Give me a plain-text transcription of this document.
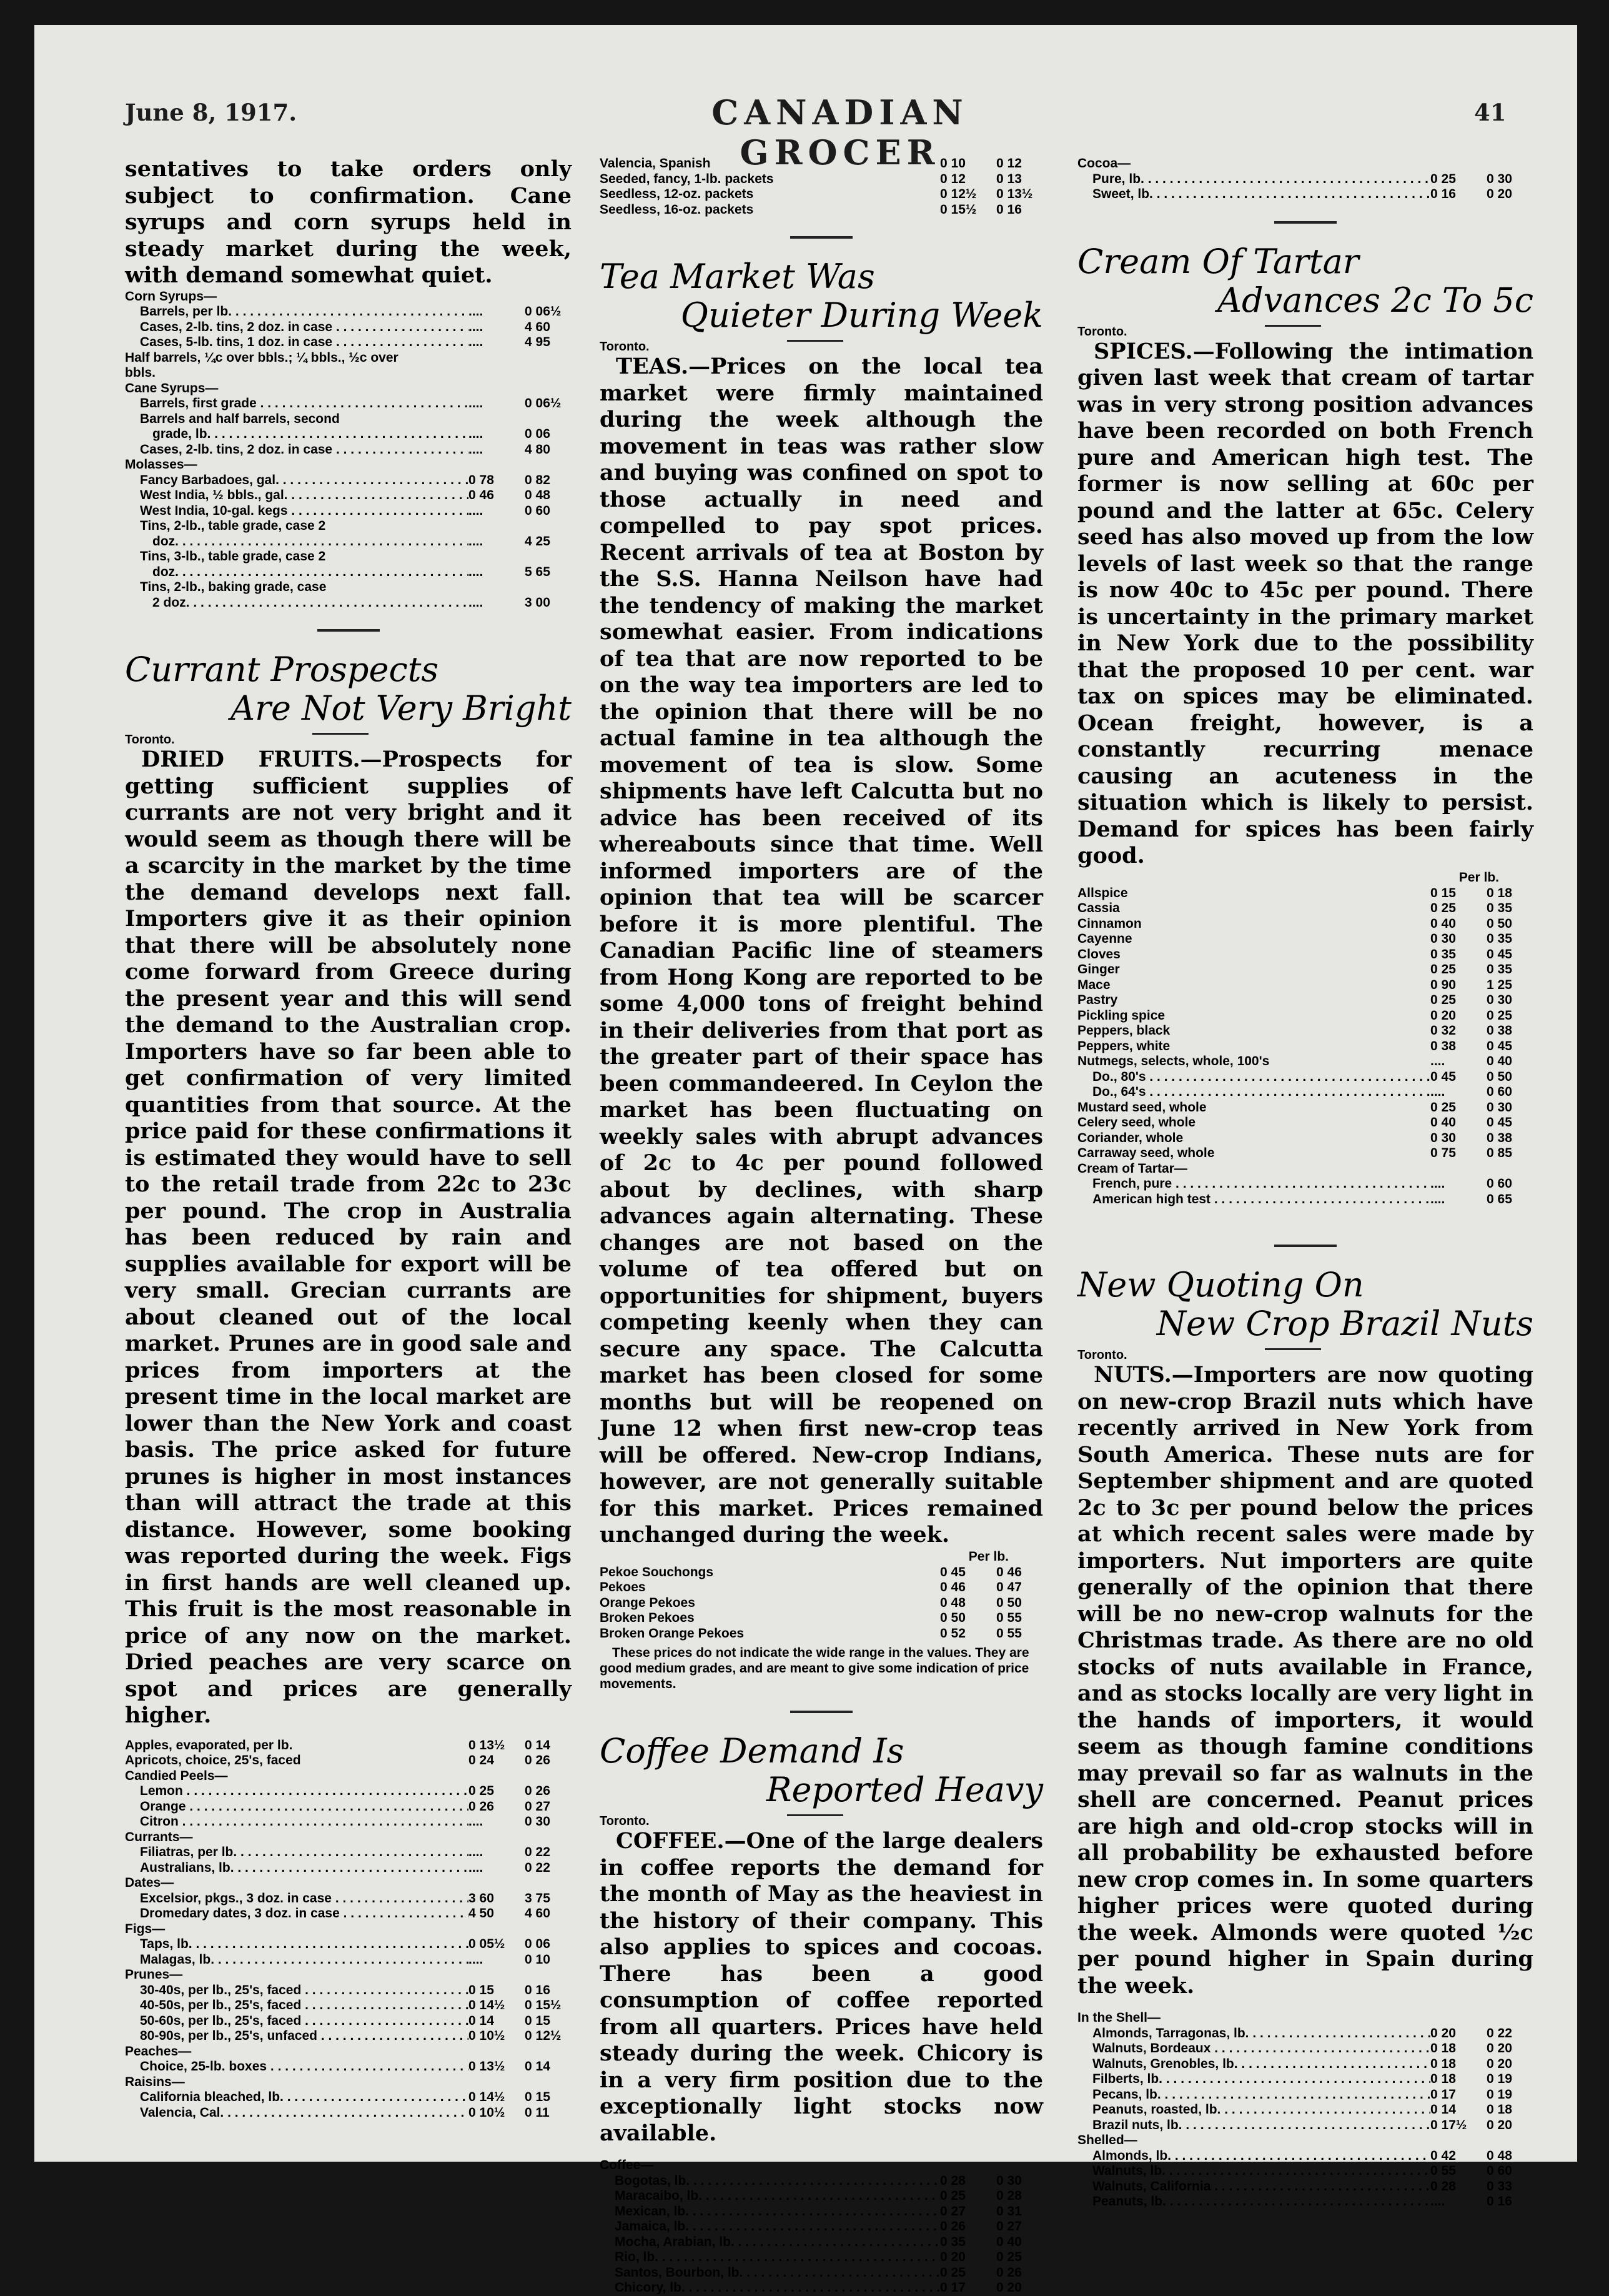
June 8, 1917.	CANADIAN GROCER
41

sentatives to take orders only subject to confirmation. Cane syrups and corn syrups held in steady market during the week, with demand somewhat quiet.

Corn Syrups—
Barrels, per lb. . . .	....	0 06½
Cases, 2-lb. tins, 2 doz. in case . . .	....	4 60
Cases, 5-lb. tins, 1 doz. in case . . .	....	4 95
Half barrels, ¼c over bbls.; ¼ bbls., ½c over
bbls.
Cane Syrups—
Barrels, first grade . . .	....	0 06½
Barrels and half barrels, second
grade, lb. . . .	....	0 06
Cases, 2-lb. tins, 2 doz. in case . . .	....	4 80
Molasses—
Fancy Barbadoes, gal. . . .	0 78	0 82
West India, ½ bbls., gal. . . .	0 46	0 48
West India, 10-gal. kegs . . .	....	0 60
Tins, 2-lb., table grade, case 2
doz. . . .	....	4 25
Tins, 3-lb., table grade, case 2
doz. . . .	....	5 65
Tins, 2-lb., baking grade, case
2 doz. . . .	....	3 00
Currant Prospects
Are Not Very Bright
Toronto.

DRIED FRUITS.—Prospects for getting sufficient supplies of currants are not very bright and it would seem as though there will be a scarcity in the market by the time the demand develops next fall. Importers give it as their opinion that there will be absolutely none come forward from Greece during the present year and this will send the demand to the Australian crop. Importers have so far been able to get confirmation of very limited quantities from that source. At the price paid for these confirmations it is estimated they would have to sell to the retail trade from 22c to 23c per pound. The crop in Australia has been reduced by rain and supplies available for export will be very small. Grecian currants are about cleaned out of the local market. Prunes are in good sale and prices from importers at the present time in the local market are lower than the New York and coast basis. The price asked for future prunes is higher in most instances than will attract the trade at this distance. However, some booking was reported during the week. Figs in first hands are well cleaned up. This fruit is the most reasonable in price of any now on the market. Dried peaches are very scarce on spot and prices are generally higher.

Apples, evaporated, per lb.	0 13½	0 14
Apricots, choice, 25's, faced	0 24	0 26
Candied Peels—
Lemon . . .	0 25	0 26
Orange . . .	0 26	0 27
Citron . . .	....	0 30
Currants—
Filiatras, per lb. . . .	....	0 22
Australians, lb. . . .	....	0 22
Dates—
Excelsior, pkgs., 3 doz. in case . . .	3 60	3 75
Dromedary dates, 3 doz. in case . . .	4 50	4 60
Figs—
Taps, lb. . . .	0 05½	0 06
Malagas, lb. . . .	....	0 10
Prunes—
30-40s, per lb., 25's, faced . . .	0 15	0 16
40-50s, per lb., 25's, faced . . .	0 14½	0 15½
50-60s, per lb., 25's, faced . . .	0 14	0 15
80-90s, per lb., 25's, unfaced . . .	0 10½	0 12½
Peaches—
Choice, 25-lb. boxes . . .	0 13½	0 14
Raisins—
California bleached, lb. . . .	0 14½	0 15
Valencia, Cal. . . .	0 10½	0 11
Valencia, Spanish	0 10	0 12
Seeded, fancy, 1-lb. packets	0 12	0 13
Seedless, 12-oz. packets	0 12½	0 13½
Seedless, 16-oz. packets	0 15½	0 16
Tea Market Was
Quieter During Week
Toronto.

TEAS.—Prices on the local tea market were firmly maintained during the week although the movement in teas was rather slow and buying was confined on spot to those actually in need and compelled to pay spot prices. Recent arrivals of tea at Boston by the S.S. Hanna Neilson have had the tendency of making the market somewhat easier. From indications of tea that are now reported to be on the way tea importers are led to the opinion that there will be no actual famine in tea although the movement of tea is slow. Some shipments have left Calcutta but no advice has been received of its whereabouts since that time. Well informed importers are of the opinion that tea will be scarcer before it is more plentiful. The Canadian Pacific line of steamers from Hong Kong are reported to be some 4,000 tons of freight behind in their deliveries from that port as the greater part of their space has been commandeered. In Ceylon the market has been fluctuating on weekly sales with abrupt advances of 2c to 4c per pound followed about by declines, with sharp advances again alternating. These changes are not based on the volume of tea offered but on opportunities for shipment, buyers competing keenly when they can secure any space. The Calcutta market has been closed for some months but will be reopened on June 12 when first new-crop teas will be offered. New-crop Indians, however, are not generally suitable for this market. Prices remained unchanged during the week.

Per lb.
Pekoe Souchongs	0 45	0 46
Pekoes	0 46	0 47
Orange Pekoes	0 48	0 50
Broken Pekoes	0 50	0 55
Broken Orange Pekoes	0 52	0 55

These prices do not indicate the wide range in the values. They are good medium grades, and are meant to give some indication of price movements.

Coffee Demand Is
Reported Heavy
Toronto.

COFFEE.—One of the large dealers in coffee reports the demand for the month of May as the heaviest in the history of their company. This also applies to spices and cocoas. There has been a good consumption of coffee reported from all quarters. Prices have held steady during the week. Chicory is in a very firm position due to the exceptionally light stocks now available.

Coffee—
Bogotas, lb. . . .	0 28	0 30
Maracaibo, lb. . . .	0 25	0 28
Mexican, lb. . . .	0 27	0 31
Jamaica, lb. . . .	0 26	0 27
Mocha, Arabian, lb. . . .	0 35	0 40
Rio, lb. . . .	0 20	0 25
Santos, Bourbon, lb. . . .	0 25	0 26
Chicory, lb. . . .	0 17	0 20
Cocoa—
Pure, lb. . . .	0 25	0 30
Sweet, lb. . . .	0 16	0 20
Cream Of Tartar
Advances 2c To 5c
Toronto.

SPICES.—Following the intimation given last week that cream of tartar was in very strong position advances have been recorded on both French pure and American high test. The former is now selling at 60c per pound and the latter at 65c. Celery seed has also moved up from the low levels of last week so that the range is now 40c to 45c per pound. There is uncertainty in the primary market in New York due to the possibility that the proposed 10 per cent. war tax on spices may be eliminated. Ocean freight, however, is a constantly recurring menace causing an acuteness in the situation which is likely to persist. Demand for spices has been fairly good.

Per lb.
Allspice	0 15	0 18
Cassia	0 25	0 35
Cinnamon	0 40	0 50
Cayenne	0 30	0 35
Cloves	0 35	0 45
Ginger	0 25	0 35
Mace	0 90	1 25
Pastry	0 25	0 30
Pickling spice	0 20	0 25
Peppers, black	0 32	0 38
Peppers, white	0 38	0 45
Nutmegs, selects, whole, 100's	....	0 40
Do., 80's . . .	0 45	0 50
Do., 64's . . .	....	0 60
Mustard seed, whole	0 25	0 30
Celery seed, whole	0 40	0 45
Coriander, whole	0 30	0 38
Carraway seed, whole	0 75	0 85
Cream of Tartar—
French, pure . . .	....	0 60
American high test . . .	....	0 65
New Quoting On
New Crop Brazil Nuts
Toronto.

NUTS.—Importers are now quoting on new-crop Brazil nuts which have recently arrived in New York from South America. These nuts are for September shipment and are quoted 2c to 3c per pound below the prices at which recent sales were made by importers. Nut importers are quite generally of the opinion that there will be no new-crop walnuts for the Christmas trade. As there are no old stocks of nuts available in France, and as stocks locally are very light in the hands of importers, it would seem as though famine conditions may prevail so far as walnuts in the shell are concerned. Peanut prices are high and old-crop stocks will in all probability be exhausted before new crop comes in. In some quarters higher prices were quoted during the week. Almonds were quoted ½c per pound higher in Spain during the week.

In the Shell—
Almonds, Tarragonas, lb. . . .	0 20	0 22
Walnuts, Bordeaux . . .	0 18	0 20
Walnuts, Grenobles, lb. . . .	0 18	0 20
Filberts, lb. . . .	0 18	0 19
Pecans, lb. . . .	0 17	0 19
Peanuts, roasted, lb. . . .	0 14	0 18
Brazil nuts, lb. . . .	0 17½	0 20
Shelled—
Almonds, lb. . . .	0 42	0 48
Walnuts, lb. . . .	0 55	0 60
Walnuts, California . . .	0 28	0 33
Peanuts, lb. . . .	....	0 16
